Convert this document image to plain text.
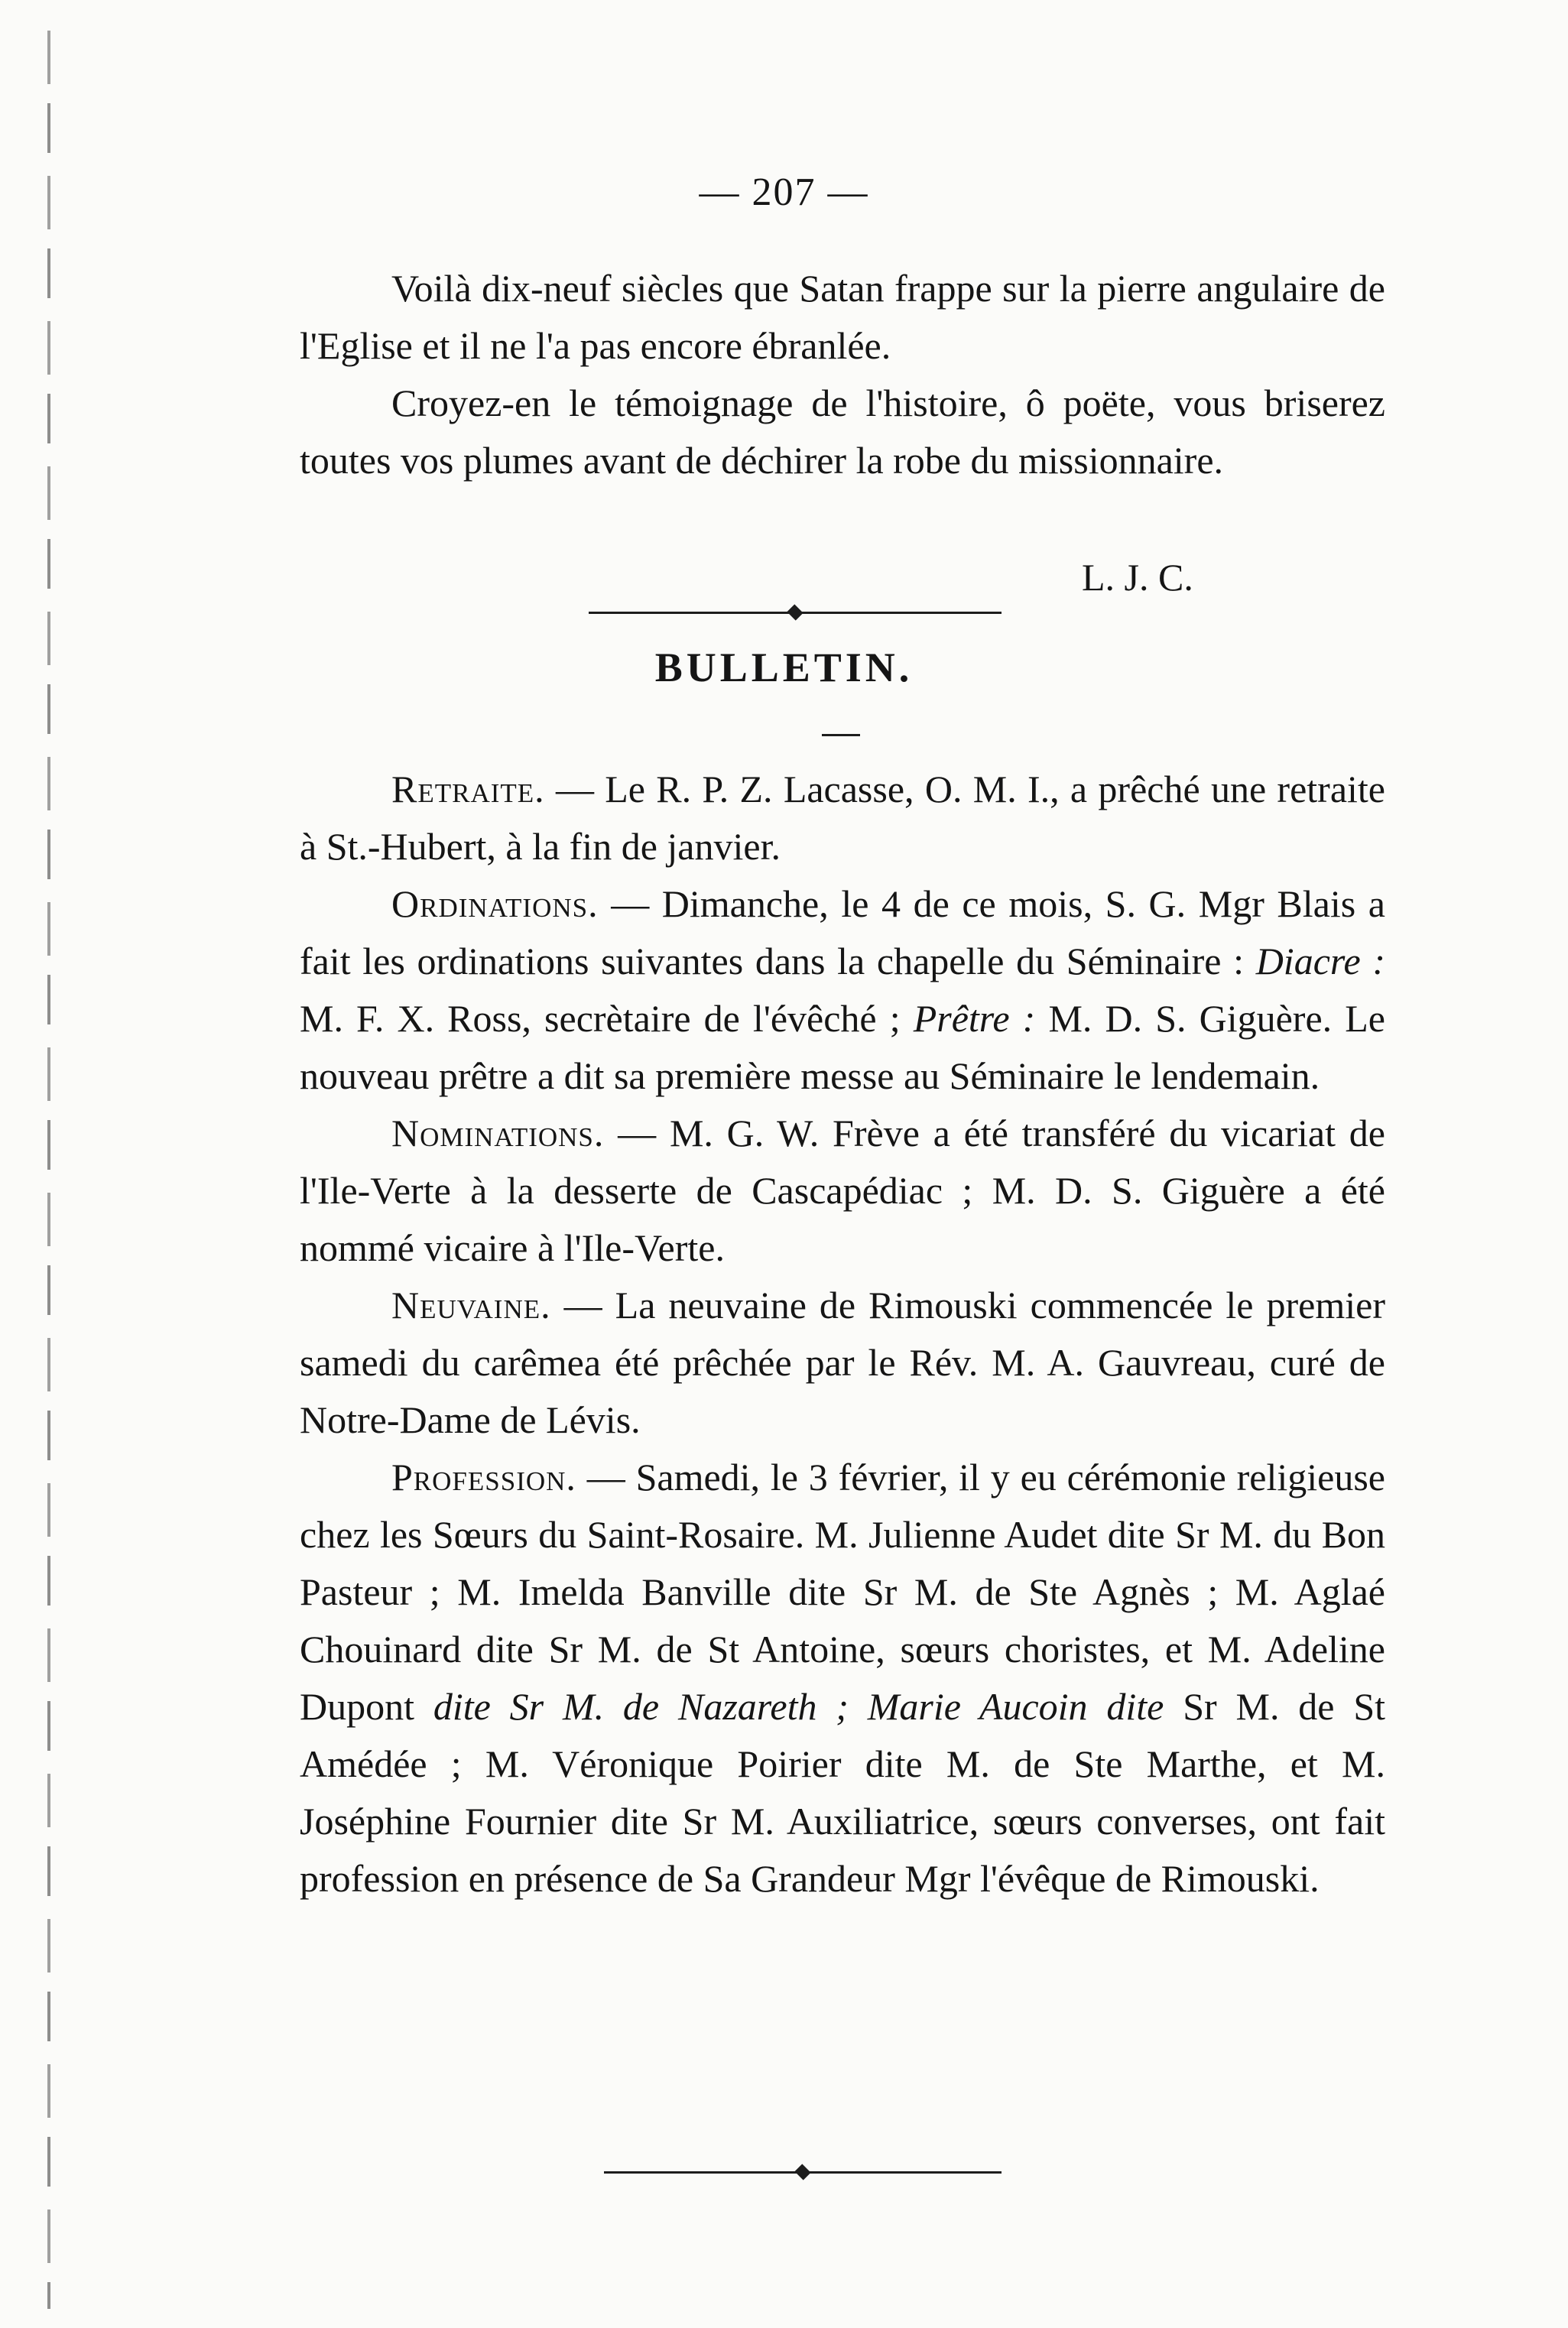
— 207 —

Voilà dix-neuf siècles que Satan frappe sur la pierre angulaire de l'Eglise et il ne l'a pas encore ébranlée.

Croyez-en le témoignage de l'histoire, ô poëte, vous briserez toutes vos plumes avant de déchirer la robe du missionnaire.

L. J. C.
BULLETIN.

Retraite. — Le R. P. Z. Lacasse, O. M. I., a prêché une retraite à St.-Hubert, à la fin de janvier.

Ordinations. — Dimanche, le 4 de ce mois, S. G. Mgr Blais a fait les ordinations suivantes dans la chapelle du Séminaire : Diacre : M. F. X. Ross, secrètaire de l'évêché ; Prêtre : M. D. S. Giguère. Le nouveau prêtre a dit sa première messe au Séminaire le lendemain.

Nominations. — M. G. W. Frève a été transféré du vicariat de l'Ile-Verte à la desserte de Cascapédiac ; M. D. S. Giguère a été nommé vicaire à l'Ile-Verte.

Neuvaine. — La neuvaine de Rimouski commencée le premier samedi du carêmea été prêchée par le Rév. M. A. Gauvreau, curé de Notre-Dame de Lévis.

Profession. — Samedi, le 3 février, il y eu cérémonie religieuse chez les Sœurs du Saint-Rosaire. M. Julienne Audet dite Sr M. du Bon Pasteur ; M. Imelda Banville dite Sr M. de Ste Agnès ; M. Aglaé Chouinard dite Sr M. de St Antoine, sœurs choristes, et M. Adeline Dupont dite Sr M. de Nazareth ; Marie Aucoin dite Sr M. de St Amédée ; M. Véronique Poirier dite M. de Ste Marthe, et M. Joséphine Fournier dite Sr M. Auxiliatrice, sœurs converses, ont fait profession en présence de Sa Grandeur Mgr l'évêque de Rimouski.
